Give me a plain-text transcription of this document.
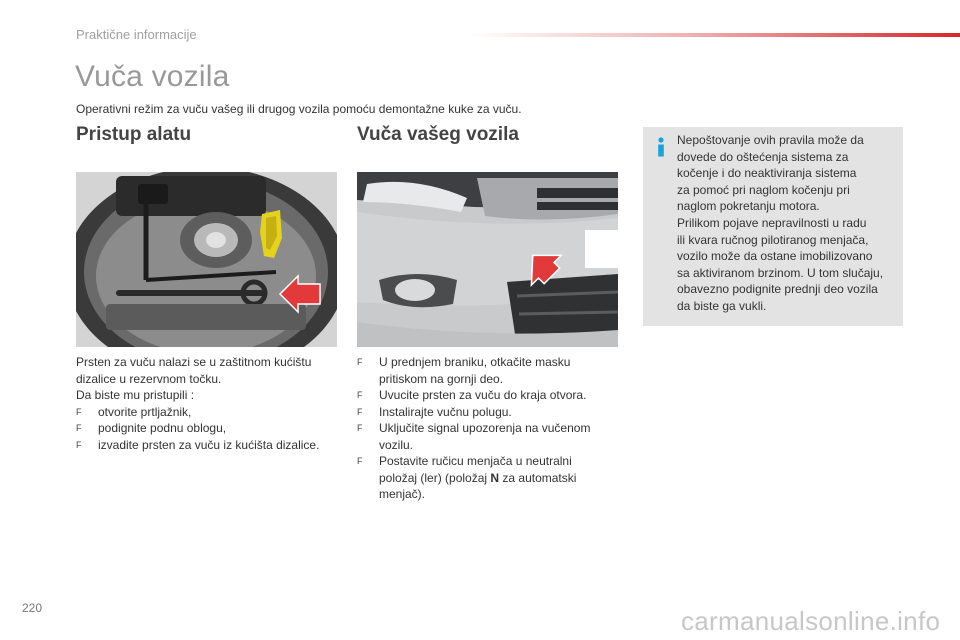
Praktične informacije
Vuča vozila
Operativni režim za vuču vašeg ili drugog vozila pomoću demontažne kuke za vuču.
Pristup alatu	Vuča vašeg vozila
Prsten za vuču nalazi se u zaštitnom kućištu
dizalice u rezervnom točku.
Da biste mu pristupili :
F otvorite prtljažnik,
F podignite podnu oblogu,
F izvadite prsten za vuču iz kućišta dizalice.
F U prednjem braniku, otkačite masku
pritiskom na gornji deo.
F Uvucite prsten za vuču do kraja otvora.
F Instalirajte vučnu polugu.
F Uključite signal upozorenja na vučenom
vozilu.
F Postavite ručicu menjača u neutralni
položaj (ler) (položaj N za automatski
menjač).
Nepoštovanje ovih pravila može da
dovede do oštećenja sistema za
kočenje i do neaktiviranja sistema
za pomoć pri naglom kočenju pri
naglom pokretanju motora.
Prilikom pojave nepravilnosti u radu
ili kvara ručnog pilotiranog menjača,
vozilo može da ostane imobilizovano
sa aktiviranom brzinom. U tom slučaju,
obavezno podignite prednji deo vozila
da biste ga vukli.
220	carmanualsonline.info
